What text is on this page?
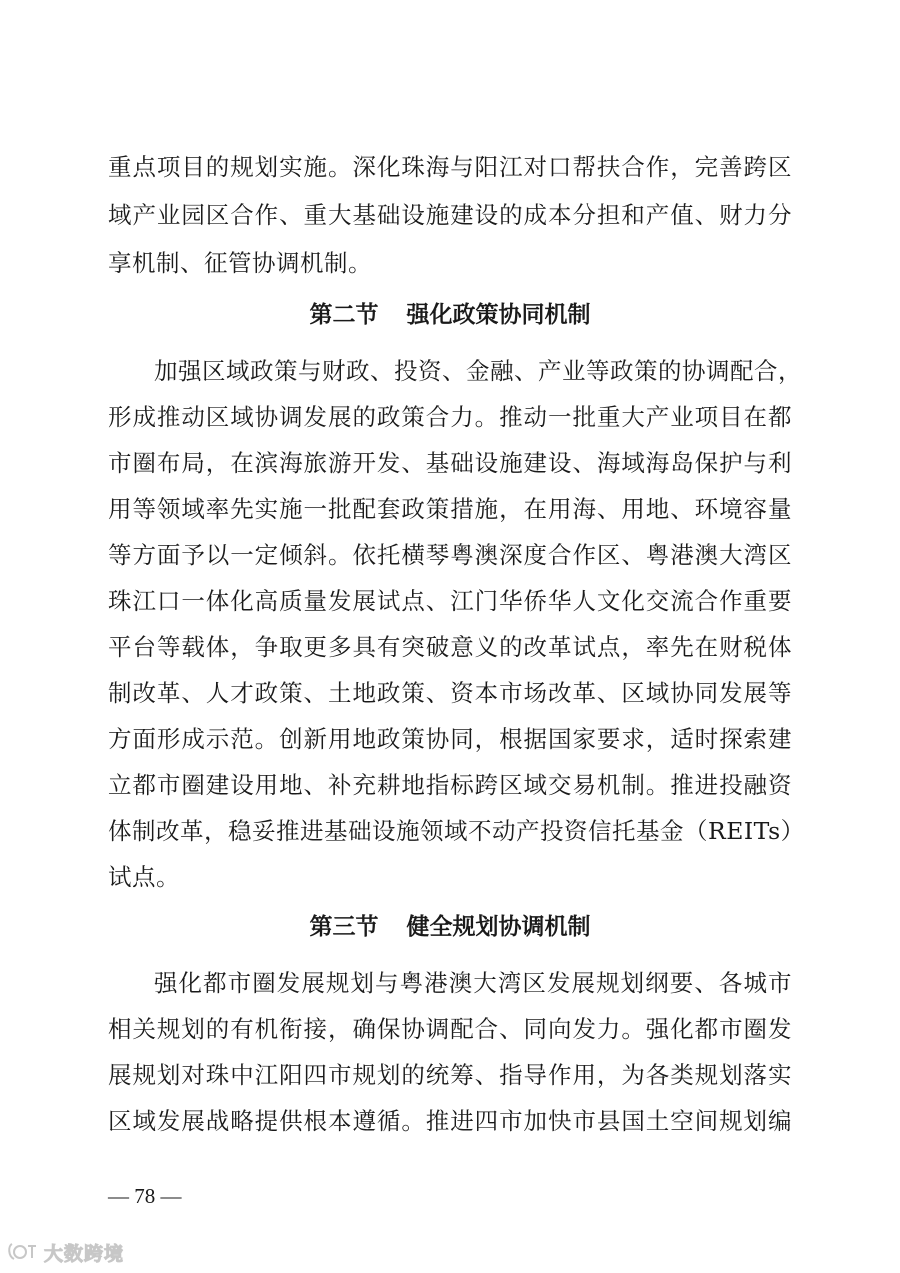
重点项目的规划实施。深化珠海与阳江对口帮扶合作，完善跨区
域产业园区合作、重大基础设施建设的成本分担和产值、财力分
享机制、征管协调机制。
第二节 强化政策协同机制
加强区域政策与财政、投资、金融、产业等政策的协调配合，
形成推动区域协调发展的政策合力。推动一批重大产业项目在都
市圈布局，在滨海旅游开发、基础设施建设、海域海岛保护与利
用等领域率先实施一批配套政策措施，在用海、用地、环境容量
等方面予以一定倾斜。依托横琴粤澳深度合作区、粤港澳大湾区
珠江口一体化高质量发展试点、江门华侨华人文化交流合作重要
平台等载体，争取更多具有突破意义的改革试点，率先在财税体
制改革、人才政策、土地政策、资本市场改革、区域协同发展等
方面形成示范。创新用地政策协同，根据国家要求，适时探索建
立都市圈建设用地、补充耕地指标跨区域交易机制。推进投融资
体制改革，稳妥推进基础设施领域不动产投资信托基金（REITs）
试点。
第三节 健全规划协调机制
强化都市圈发展规划与粤港澳大湾区发展规划纲要、各城市
相关规划的有机衔接，确保协调配合、同向发力。强化都市圈发
展规划对珠中江阳四市规划的统筹、指导作用，为各类规划落实
区域发展战略提供根本遵循。推进四市加快市县国土空间规划编
— 78 —
大数跨境
